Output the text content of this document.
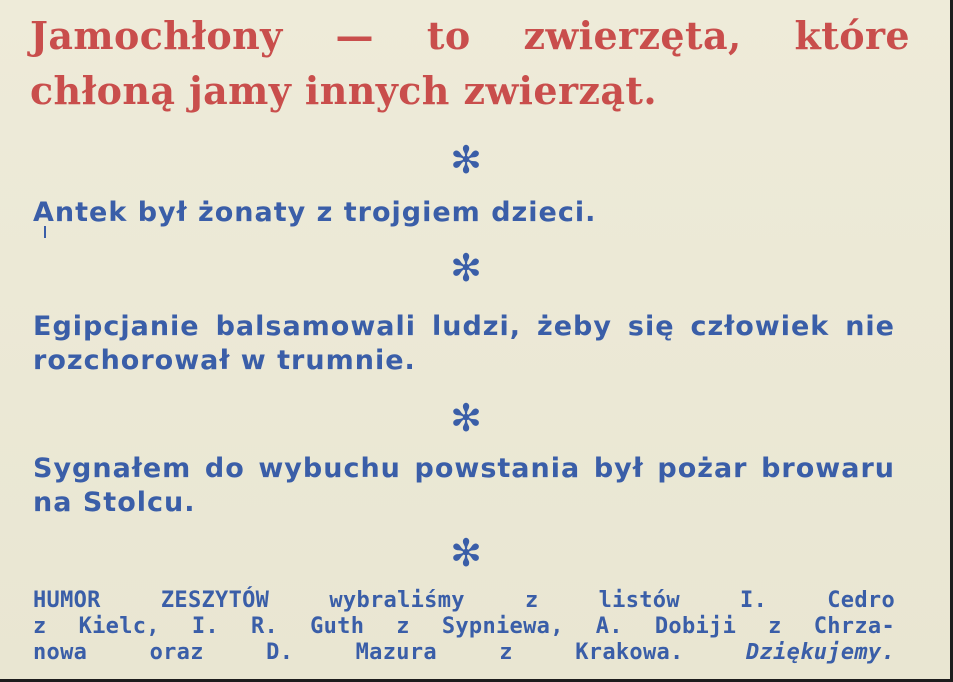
Jamochłony — to zwierzęta, które chłoną jamy innych zwierząt.

✻

Antek był żonaty z trojgiem dzieci.

✻

Egipcjanie balsamowali ludzi, żeby się człowiek nie rozchorował w trumnie.

✻

Sygnałem do wybuchu powstania był pożar browaru na Stolcu.

✻
HUMOR ZESZYTÓW wybraliśmy z listów I. Cedro
z Kielc, I. R. Guth z Sypniewa, A. Dobiji z Chrza-
nowa oraz D. Mazura z Krakowa.	Dziękujemy.
